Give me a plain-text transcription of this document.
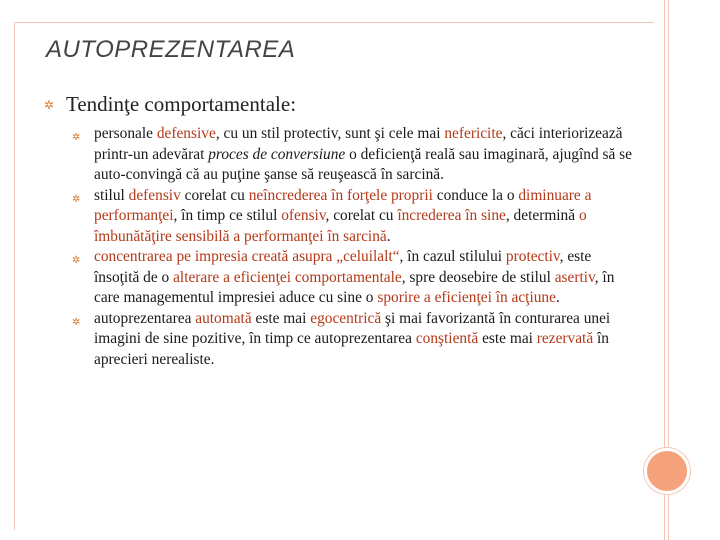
AUTOPREZENTAREA
✲ Tendinţe comportamentale:
✲ personale defensive, cu un stil protectiv, sunt şi cele mai nefericite, căci interiorizează printr-un adevărat proces de conversiune o deficienţă reală sau imaginară, ajugînd să se auto-convingă că au puţine şanse să reuşească în sarcină.
✲ stilul defensiv corelat cu neîncrederea în forţele proprii conduce la o diminuare a performanţei, în timp ce stilul ofensiv, corelat cu încrederea în sine, determină o îmbunătăţire sensibilă a performanţei în sarcină.
✲ concentrarea pe impresia creată asupra „celuilalt“, în cazul stilului protectiv, este însoţită de o alterare a eficienţei comportamentale, spre deosebire de stilul asertiv, în care managementul impresiei aduce cu sine o sporire a eficienţei în acţiune.
✲ autoprezentarea automată este mai egocentrică şi mai favorizantă în conturarea unei imagini de sine pozitive, în timp ce autoprezentarea conştientă este mai rezervată în aprecieri nerealiste.
